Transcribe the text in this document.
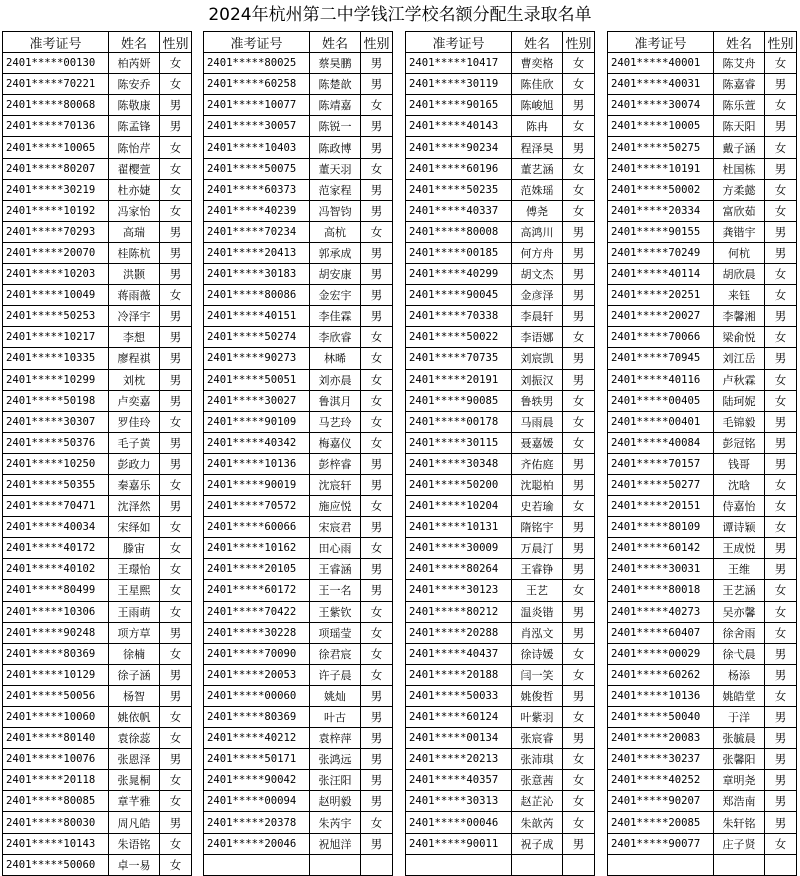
2024年杭州第二中学钱江学校名额分配生录取名单
准考证号	姓名	性别
2401*****00130	柏芮妍	女
2401*****70221	陈安乔	女
2401*****80068	陈敬康	男
2401*****70136	陈孟锋	男
2401*****10065	陈怡芹	女
2401*****80207	翟樱萱	女
2401*****30219	杜亦婕	女
2401*****10192	冯家怡	女
2401*****70293	高瑞	男
2401*****20070	桂陈杭	男
2401*****10203	洪颢	男
2401*****10049	蒋雨薇	女
2401*****50253	冷泽宇	男
2401*****10217	李想	男
2401*****10335	廖程祺	男
2401*****10299	刘枕	男
2401*****50198	卢奕嘉	男
2401*****30307	罗佳玲	女
2401*****50376	毛子黄	男
2401*****10250	彭政力	男
2401*****50355	秦嘉乐	女
2401*****70471	沈泽然	男
2401*****40034	宋绎如	女
2401*****40172	滕宙	女
2401*****40102	王璟怡	女
2401*****80499	王星熙	女
2401*****10306	王雨萌	女
2401*****90248	项方草	男
2401*****80369	徐楠	女
2401*****10129	徐子涵	男
2401*****50056	杨智	男
2401*****10060	姚依帆	女
2401*****80140	袁徐蕊	女
2401*****10076	张恩泽	男
2401*****20118	张晁桐	女
2401*****80085	章芊雅	女
2401*****80030	周凡皓	男
2401*****10143	朱语铭	女
2401*****50060	卓一易	女
准考证号	姓名	性别
2401*****80025	蔡昊鹏	男
2401*****60258	陈楚歆	男
2401*****10077	陈靖嘉	女
2401*****30057	陈锐一	男
2401*****10403	陈政博	男
2401*****50075	董天羽	女
2401*****60373	范家程	男
2401*****40239	冯智钧	男
2401*****70234	高杭	女
2401*****20413	郭承成	男
2401*****30183	胡安康	男
2401*****80086	金宏宇	男
2401*****40151	李佳霖	男
2401*****50274	李欣睿	女
2401*****90273	林晞	女
2401*****50051	刘亦晨	女
2401*****30027	鲁淇月	女
2401*****90109	马艺玲	女
2401*****40342	梅嘉仪	女
2401*****10136	彭梓睿	男
2401*****90019	沈宸轩	男
2401*****70572	施应悦	女
2401*****60066	宋宸君	男
2401*****10162	田心雨	女
2401*****20105	王睿涵	男
2401*****60172	王一名	男
2401*****70422	王紫钦	女
2401*****30228	项瑶莹	女
2401*****70090	徐君宸	女
2401*****20053	许子晨	女
2401*****00060	姚灿	男
2401*****80369	叶古	男
2401*****40212	袁梓萍	男
2401*****50171	张鸿远	男
2401*****90042	张汪阳	男
2401*****00094	赵明毅	男
2401*****20378	朱芮宇	女
2401*****20046	祝旭洋	男

准考证号	姓名	性别
2401*****10417	曹奕格	女
2401*****30119	陈佳欣	女
2401*****90165	陈峻旭	男
2401*****40143	陈冉	女
2401*****90234	程泽昊	男
2401*****60196	董艺涵	女
2401*****50235	范姝瑶	女
2401*****40337	傅尧	女
2401*****80008	高鸿川	男
2401*****00185	何方舟	男
2401*****40299	胡文杰	男
2401*****90045	金彦泽	男
2401*****70338	李晨轩	男
2401*****50022	李语娜	女
2401*****70735	刘宸凯	男
2401*****20191	刘振汉	男
2401*****90085	鲁轶男	女
2401*****00178	马雨晨	女
2401*****30115	聂嘉媛	女
2401*****30348	齐佑庭	男
2401*****50200	沈聪柏	男
2401*****10204	史若瑜	女
2401*****10131	隋铭宇	男
2401*****30009	万晨汀	男
2401*****80264	王睿铮	男
2401*****30123	王艺	女
2401*****80212	温炎锴	男
2401*****20288	肖泓文	男
2401*****40437	徐诗媛	女
2401*****20188	闫一笑	女
2401*****50033	姚俊哲	男
2401*****60124	叶紫羽	女
2401*****00134	张宸睿	男
2401*****20213	张沛琪	女
2401*****40357	张意茜	女
2401*****30313	赵芷沁	女
2401*****00046	朱歆芮	女
2401*****90011	祝子成	男

准考证号	姓名	性别
2401*****40001	陈艾舟	女
2401*****40031	陈嘉睿	男
2401*****30074	陈乐萱	女
2401*****10005	陈天阳	男
2401*****50275	戴子涵	女
2401*****10191	杜国栋	男
2401*****50002	方柔懿	女
2401*****20334	富欣茹	女
2401*****90155	龚锴宇	男
2401*****70249	何杭	男
2401*****40114	胡欣晨	女
2401*****20251	来钰	女
2401*****20027	李馨湘	男
2401*****70066	梁俞悦	女
2401*****70945	刘江岳	男
2401*****40116	卢秋霖	女
2401*****00405	陆珂妮	女
2401*****00401	毛锦毅	男
2401*****40084	彭冠铭	男
2401*****70157	钱哥	男
2401*****50277	沈晗	女
2401*****20151	侍嘉怡	女
2401*****80109	谭诗颖	女
2401*****60142	王成悦	男
2401*****30031	王维	男
2401*****80018	王艺涵	女
2401*****40273	吴亦馨	女
2401*****60407	徐舍雨	女
2401*****00029	徐弋晨	男
2401*****60262	杨添	男
2401*****10136	姚皓堂	女
2401*****50040	于洋	男
2401*****20083	张毓晨	男
2401*****30237	张馨阳	男
2401*****40252	章明尧	男
2401*****90207	郑浩南	男
2401*****20085	朱轩铭	男
2401*****90077	庄子贤	女
